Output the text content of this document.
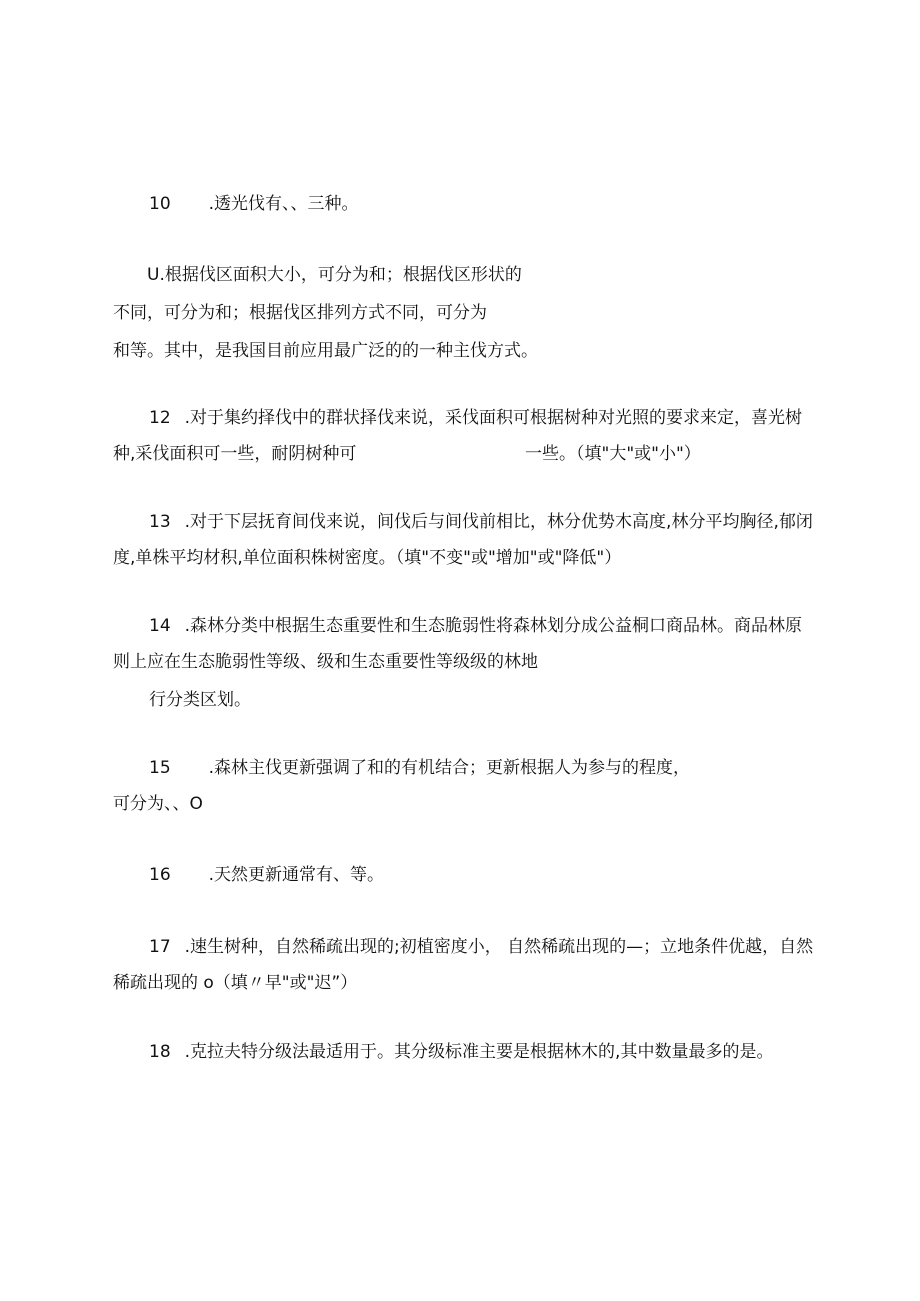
10 .透光伐有、、三种。
U.根据伐区面积大小，可分为和；根据伐区形状的
不同，可分为和；根据伐区排列方式不同，可分为
和等。其中，是我国目前应用最广泛的的一种主伐方式。
12 .对于集约择伐中的群状择伐来说，采伐面积可根据树种对光照的要求来定，喜光树
种,采伐面积可一些，耐阴树种可	一些。（填"大"或"小"）
13 .对于下层抚育间伐来说，间伐后与间伐前相比，林分优势木高度,林分平均胸径,郁闭
度,单株平均材积,单位面积株树密度。（填"不变"或"增加"或"降低"）
14 .森林分类中根据生态重要性和生态脆弱性将森林划分成公益桐口商品林。商品林原
则上应在生态脆弱性等级、级和生态重要性等级级的林地
行分类区划。
15 .森林主伐更新强调了和的有机结合；更新根据人为参与的程度，
可分为、、O
16 .天然更新通常有、等。
17 .速生树种，自然稀疏出现的;初植密度小， 自然稀疏出现的—；立地条件优越，自然
稀疏出现的 o（填〃早"或"迟”）
18 .克拉夫特分级法最适用于。其分级标准主要是根据林木的,其中数量最多的是。
